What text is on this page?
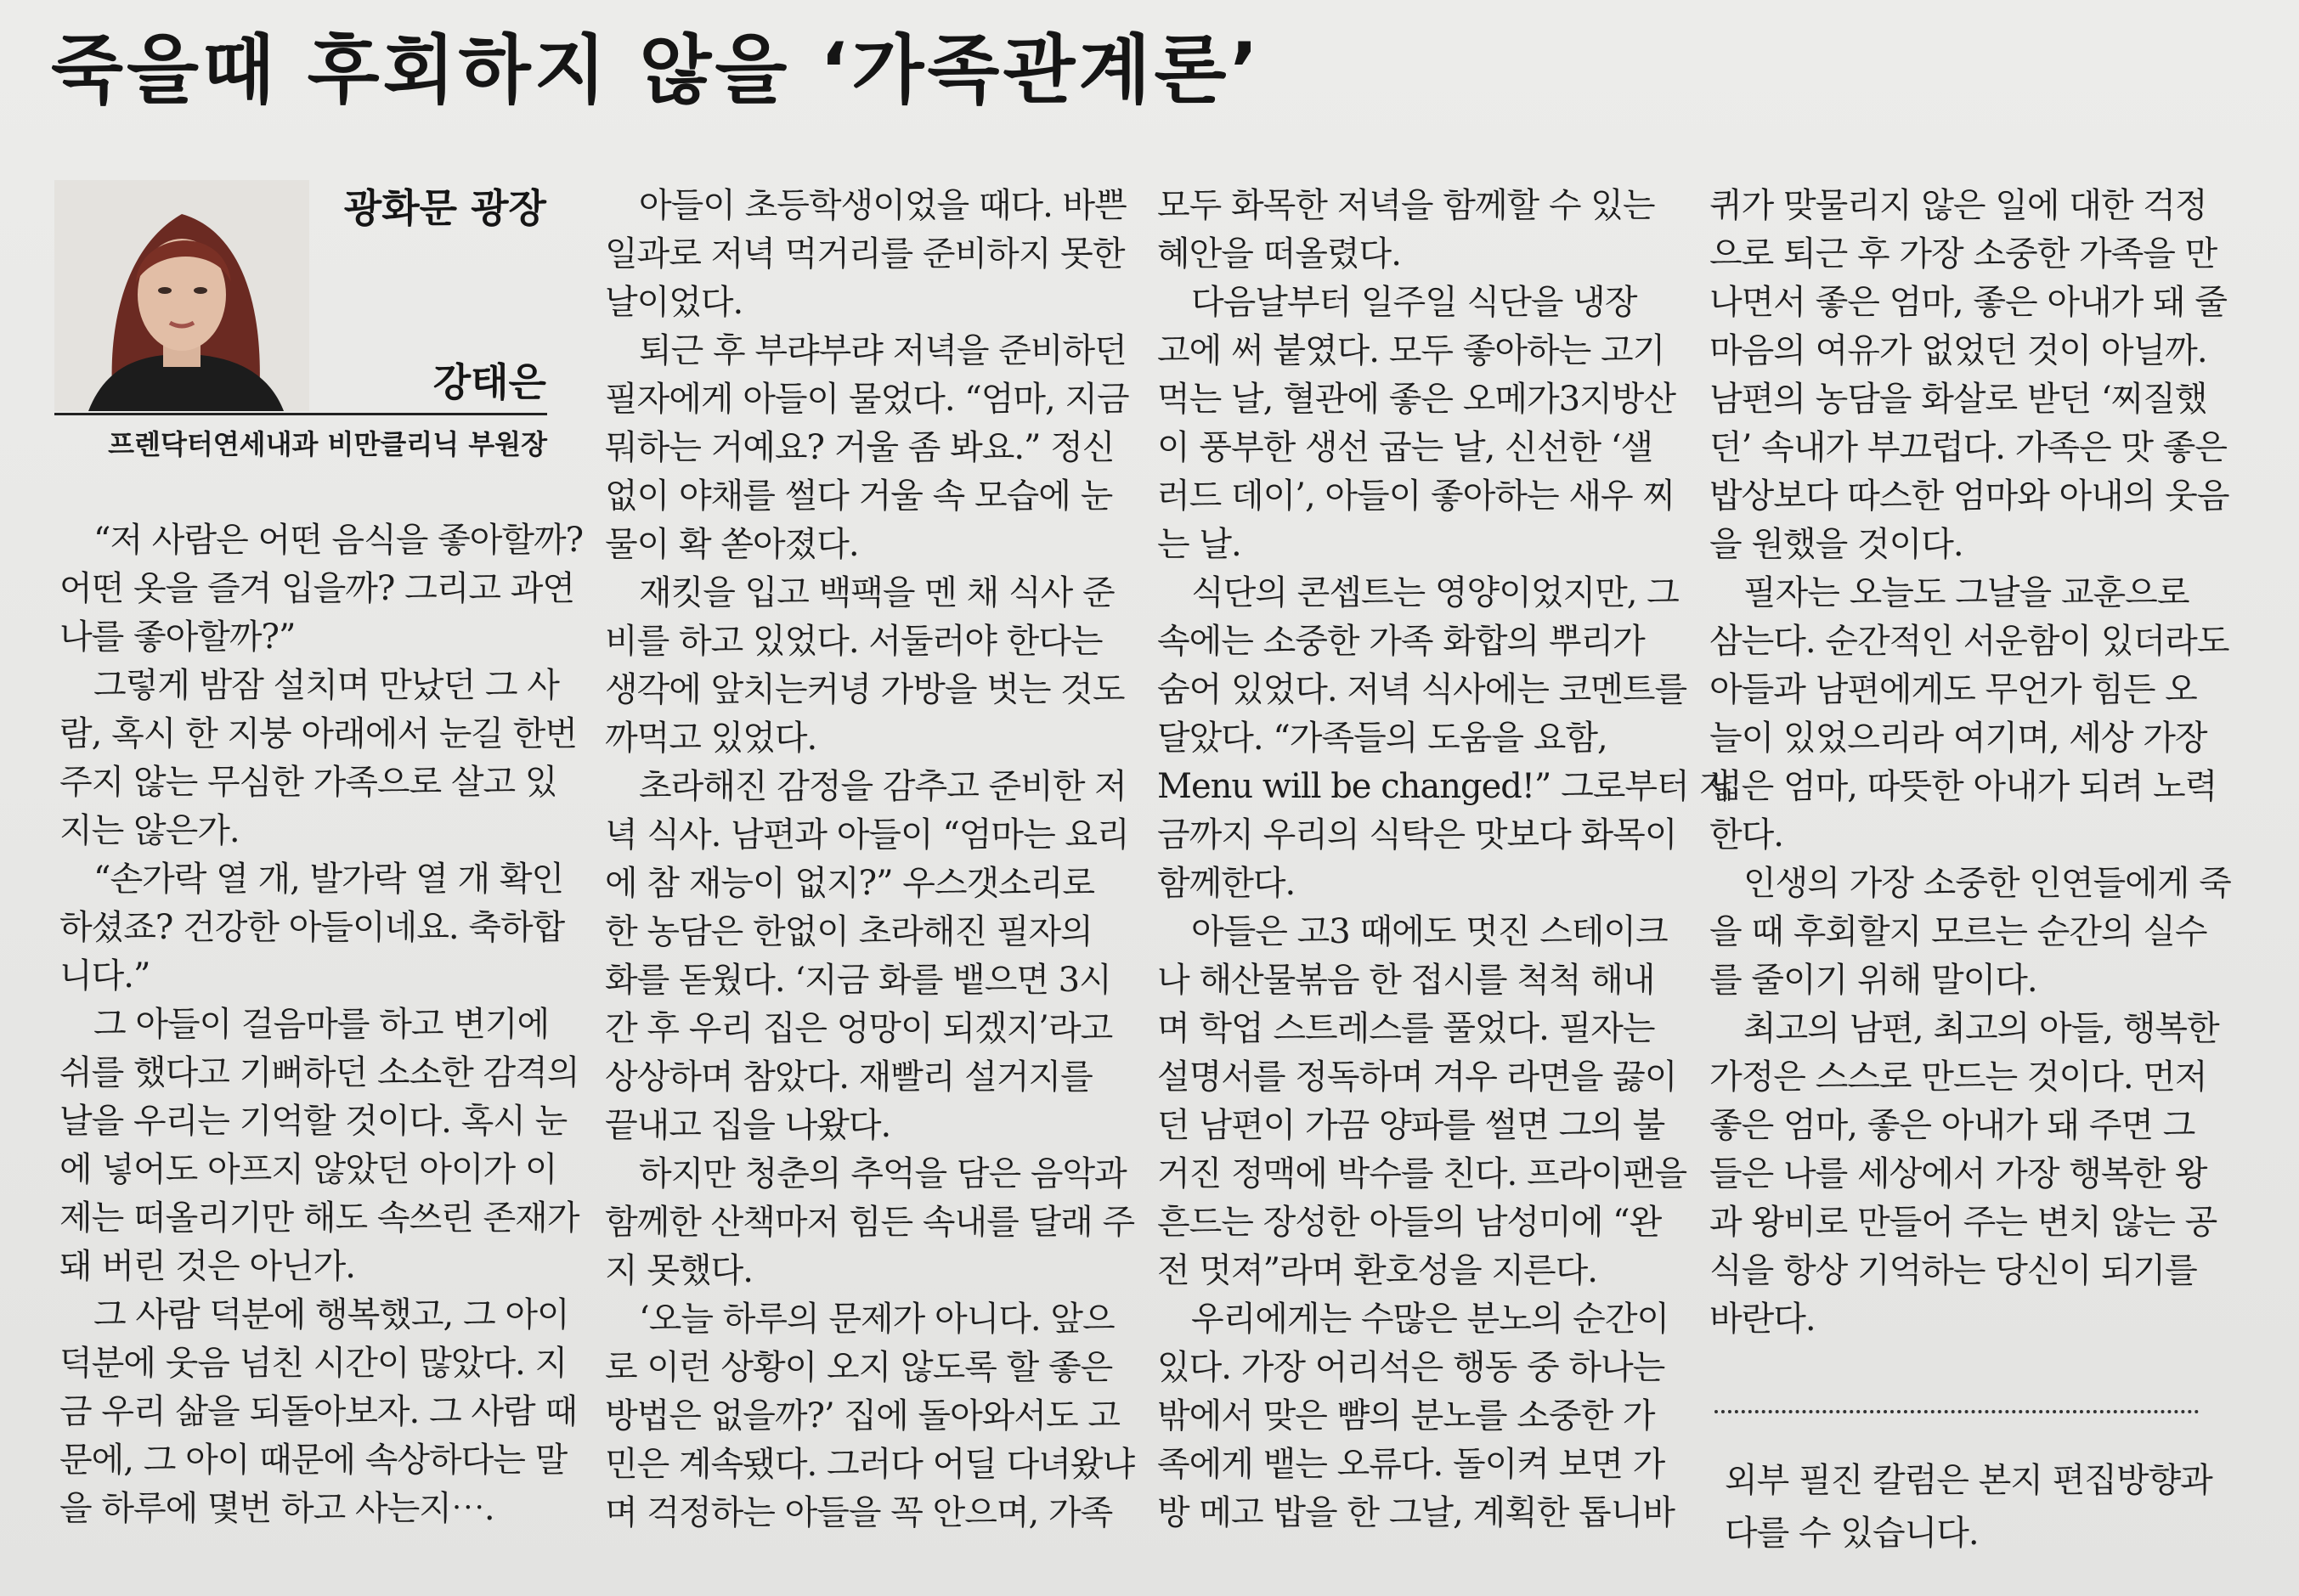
죽을때 후회하지 않을 ‘가족관계론’
광화문 광장
강태은
프렌닥터연세내과 비만클리닉 부원장
“저 사람은 어떤 음식을 좋아할까?
어떤 옷을 즐겨 입을까? 그리고 과연
나를 좋아할까?”
그렇게 밤잠 설치며 만났던 그 사
람, 혹시 한 지붕 아래에서 눈길 한번
주지 않는 무심한 가족으로 살고 있
지는 않은가.
“손가락 열 개, 발가락 열 개 확인
하셨죠? 건강한 아들이네요. 축하합
니다.”
그 아들이 걸음마를 하고 변기에
쉬를 했다고 기뻐하던 소소한 감격의
날을 우리는 기억할 것이다. 혹시 눈
에 넣어도 아프지 않았던 아이가 이
제는 떠올리기만 해도 속쓰린 존재가
돼 버린 것은 아닌가.
그 사람 덕분에 행복했고, 그 아이
덕분에 웃음 넘친 시간이 많았다. 지
금 우리 삶을 되돌아보자. 그 사람 때
문에, 그 아이 때문에 속상하다는 말
을 하루에 몇번 하고 사는지⋯.
아들이 초등학생이었을 때다. 바쁜
일과로 저녁 먹거리를 준비하지 못한
날이었다.
퇴근 후 부랴부랴 저녁을 준비하던
필자에게 아들이 물었다. “엄마, 지금
뭐하는 거예요? 거울 좀 봐요.” 정신
없이 야채를 썰다 거울 속 모습에 눈
물이 확 쏟아졌다.
재킷을 입고 백팩을 멘 채 식사 준
비를 하고 있었다. 서둘러야 한다는
생각에 앞치는커녕 가방을 벗는 것도
까먹고 있었다.
초라해진 감정을 감추고 준비한 저
녁 식사. 남편과 아들이 “엄마는 요리
에 참 재능이 없지?” 우스갯소리로
한 농담은 한없이 초라해진 필자의
화를 돋웠다. ‘지금 화를 뱉으면 3시
간 후 우리 집은 엉망이 되겠지’라고
상상하며 참았다. 재빨리 설거지를
끝내고 집을 나왔다.
하지만 청춘의 추억을 담은 음악과
함께한 산책마저 힘든 속내를 달래 주
지 못했다.
‘오늘 하루의 문제가 아니다. 앞으
로 이런 상황이 오지 않도록 할 좋은
방법은 없을까?’ 집에 돌아와서도 고
민은 계속됐다. 그러다 어딜 다녀왔냐
며 걱정하는 아들을 꼭 안으며, 가족
모두 화목한 저녁을 함께할 수 있는
혜안을 떠올렸다.
다음날부터 일주일 식단을 냉장
고에 써 붙였다. 모두 좋아하는 고기
먹는 날, 혈관에 좋은 오메가3지방산
이 풍부한 생선 굽는 날, 신선한 ‘샐
러드 데이’, 아들이 좋아하는 새우 찌
는 날.
식단의 콘셉트는 영양이었지만, 그
속에는 소중한 가족 화합의 뿌리가
숨어 있었다. 저녁 식사에는 코멘트를
달았다. “가족들의 도움을 요함,
Menu will be changed!” 그로부터 지
금까지 우리의 식탁은 맛보다 화목이
함께한다.
아들은 고3 때에도 멋진 스테이크
나 해산물볶음 한 접시를 척척 해내
며 학업 스트레스를 풀었다. 필자는
설명서를 정독하며 겨우 라면을 끓이
던 남편이 가끔 양파를 썰면 그의 불
거진 정맥에 박수를 친다. 프라이팬을
흔드는 장성한 아들의 남성미에 “완
전 멋져”라며 환호성을 지른다.
우리에게는 수많은 분노의 순간이
있다. 가장 어리석은 행동 중 하나는
밖에서 맞은 뺨의 분노를 소중한 가
족에게 뱉는 오류다. 돌이켜 보면 가
방 메고 밥을 한 그날, 계획한 톱니바
퀴가 맞물리지 않은 일에 대한 걱정
으로 퇴근 후 가장 소중한 가족을 만
나면서 좋은 엄마, 좋은 아내가 돼 줄
마음의 여유가 없었던 것이 아닐까.
남편의 농담을 화살로 받던 ‘찌질했
던’ 속내가 부끄럽다. 가족은 맛 좋은
밥상보다 따스한 엄마와 아내의 웃음
을 원했을 것이다.
필자는 오늘도 그날을 교훈으로
삼는다. 순간적인 서운함이 있더라도
아들과 남편에게도 무언가 힘든 오
늘이 있었으리라 여기며, 세상 가장
넓은 엄마, 따뜻한 아내가 되려 노력
한다.
인생의 가장 소중한 인연들에게 죽
을 때 후회할지 모르는 순간의 실수
를 줄이기 위해 말이다.
최고의 남편, 최고의 아들, 행복한
가정은 스스로 만드는 것이다. 먼저
좋은 엄마, 좋은 아내가 돼 주면 그
들은 나를 세상에서 가장 행복한 왕
과 왕비로 만들어 주는 변치 않는 공
식을 항상 기억하는 당신이 되기를
바란다.
외부 필진 칼럼은 본지 편집방향과
다를 수 있습니다.
